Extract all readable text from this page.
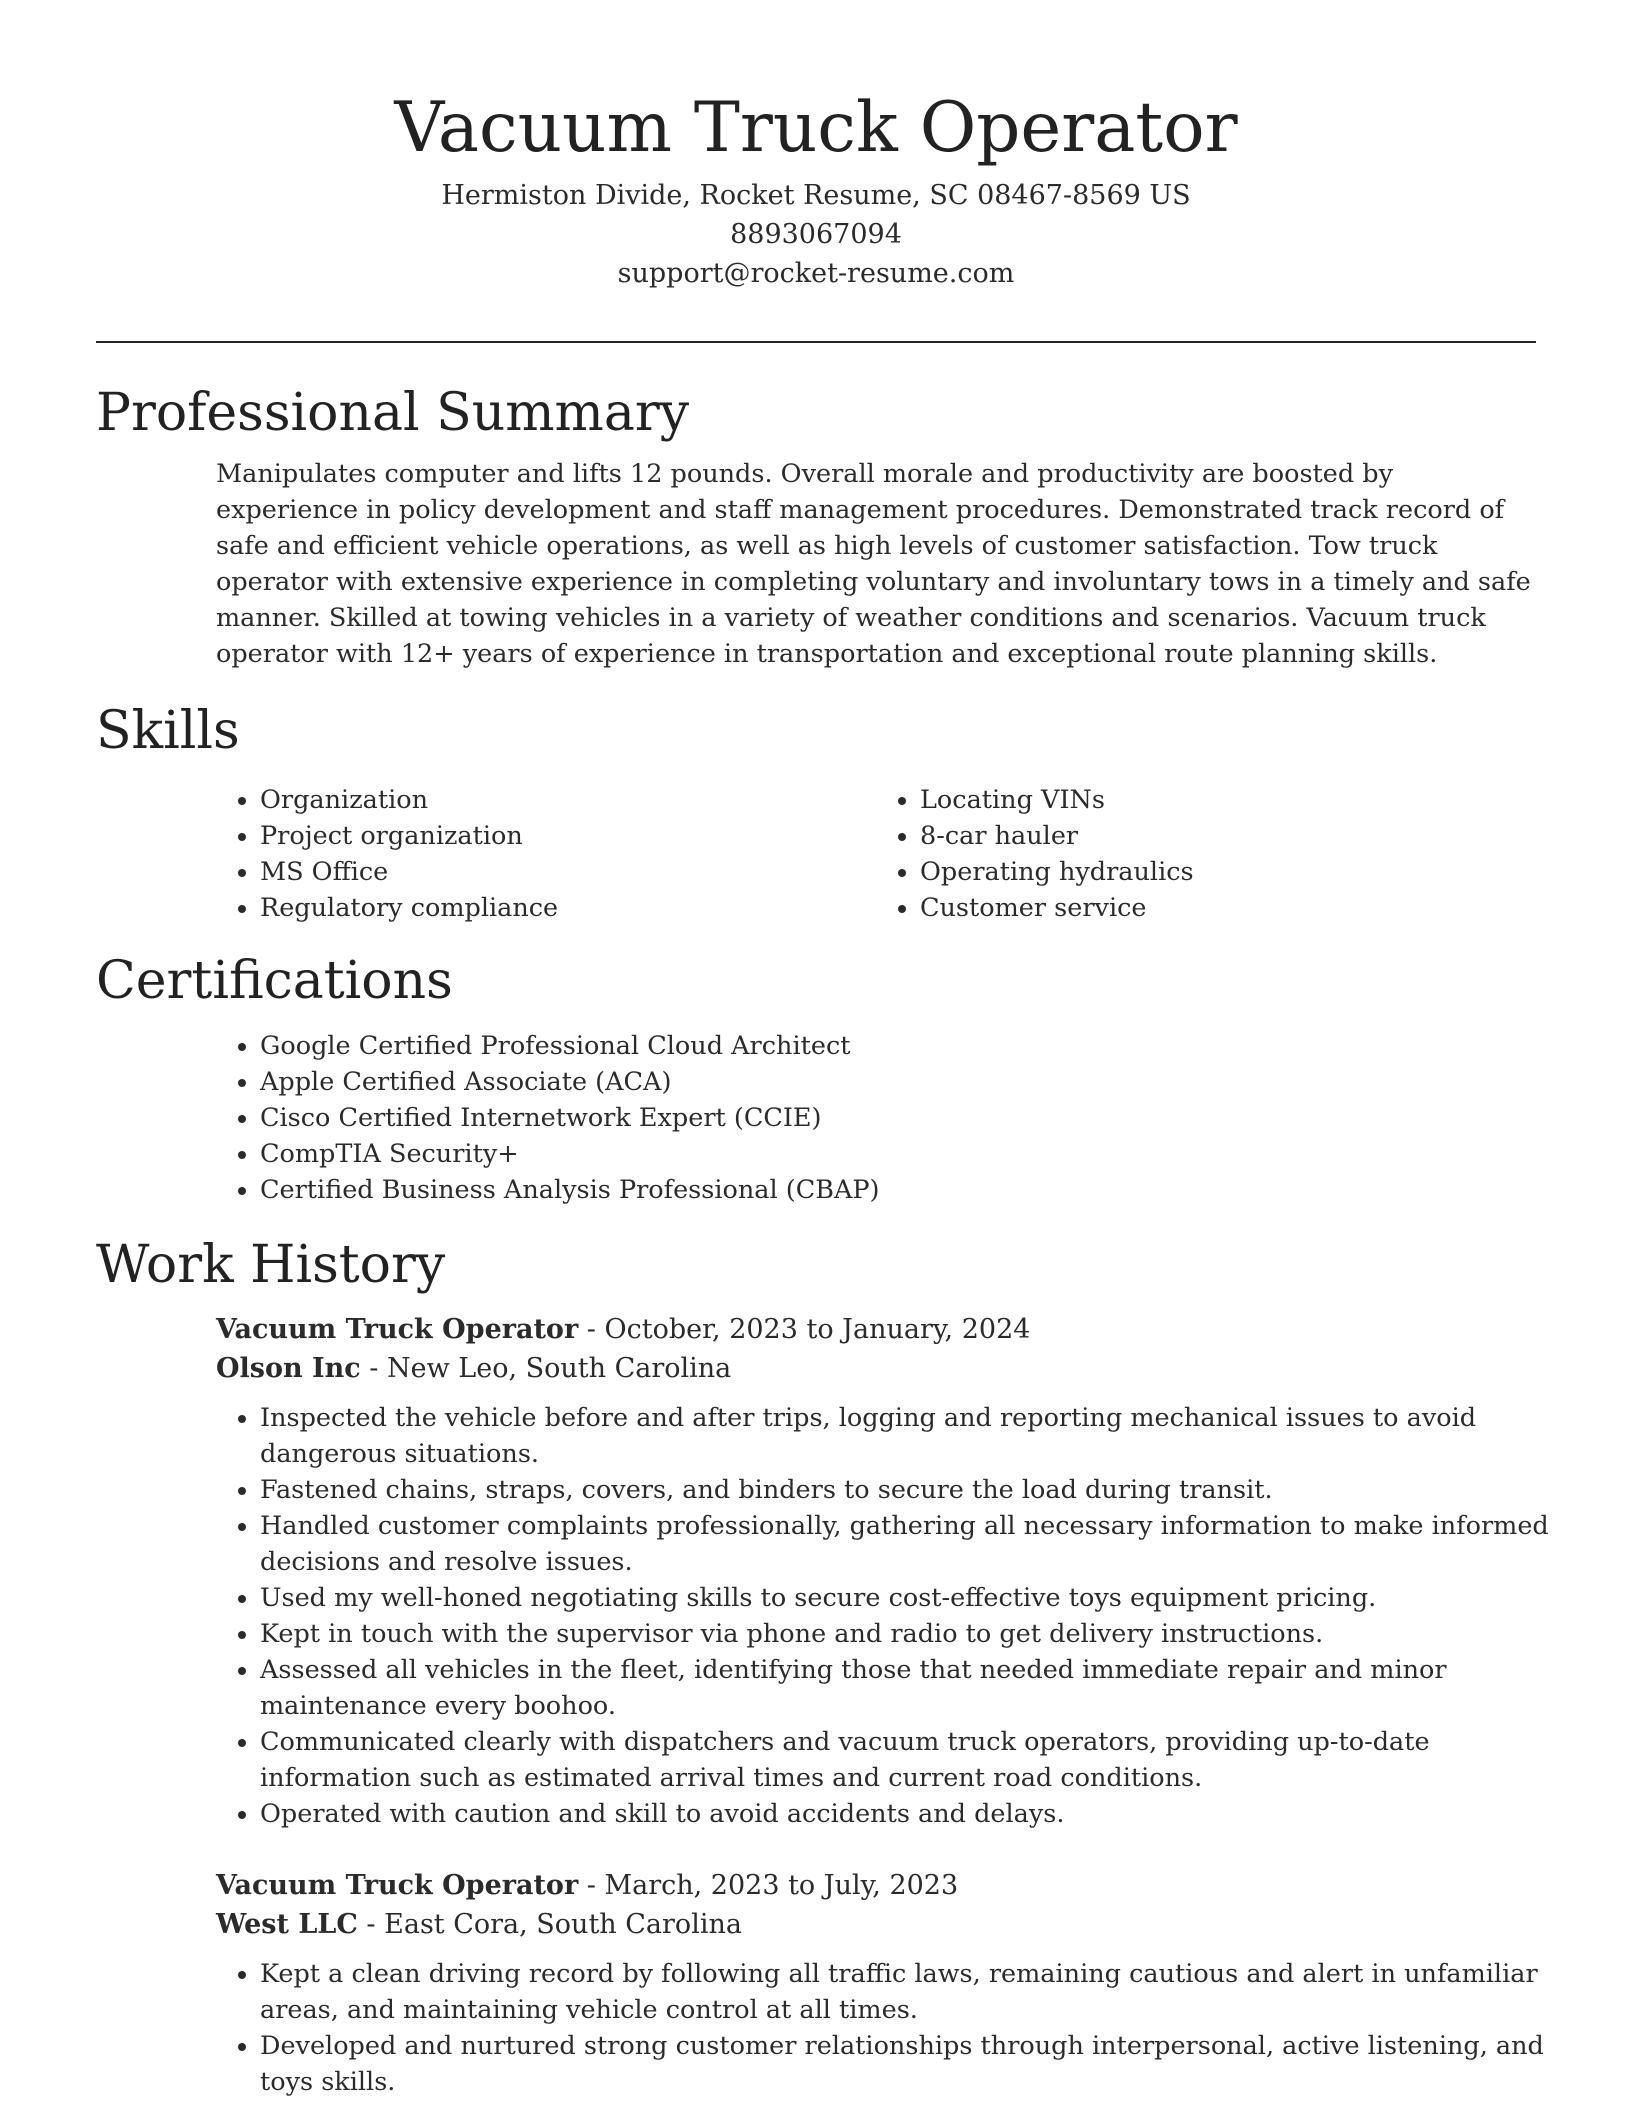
Vacuum Truck Operator
Hermiston Divide, Rocket Resume, SC 08467-8569 US
8893067094
support@rocket-resume.com
Professional Summary

Manipulates computer and lifts 12 pounds. Overall morale and productivity are boosted by experience in policy development and staff management procedures. Demonstrated track record of safe and efficient vehicle operations, as well as high levels of customer satisfaction. Tow truck operator with extensive experience in completing voluntary and involuntary tows in a timely and safe manner. Skilled at towing vehicles in a variety of weather conditions and scenarios. Vacuum truck operator with 12+ years of experience in transportation and exceptional route planning skills.

Skills
• Organization
• Project organization
• MS Office
• Regulatory compliance
• Locating VINs
• 8-car hauler
• Operating hydraulics
• Customer service
Certifications
• Google Certified Professional Cloud Architect
• Apple Certified Associate (ACA)
• Cisco Certified Internetwork Expert (CCIE)
• CompTIA Security+
• Certified Business Analysis Professional (CBAP)
Work History
Vacuum Truck Operator - October, 2023 to January, 2024
Olson Inc - New Leo, South Carolina
• Inspected the vehicle before and after trips, logging and reporting mechanical issues to avoid dangerous situations.
• Fastened chains, straps, covers, and binders to secure the load during transit.
• Handled customer complaints professionally, gathering all necessary information to make informed decisions and resolve issues.
• Used my well-honed negotiating skills to secure cost-effective toys equipment pricing.
• Kept in touch with the supervisor via phone and radio to get delivery instructions.
• Assessed all vehicles in the fleet, identifying those that needed immediate repair and minor maintenance every boohoo.
• Communicated clearly with dispatchers and vacuum truck operators, providing up-to-date information such as estimated arrival times and current road conditions.
• Operated with caution and skill to avoid accidents and delays.
Vacuum Truck Operator - March, 2023 to July, 2023
West LLC - East Cora, South Carolina
• Kept a clean driving record by following all traffic laws, remaining cautious and alert in unfamiliar areas, and maintaining vehicle control at all times.
• Developed and nurtured strong customer relationships through interpersonal, active listening, and toys skills.
